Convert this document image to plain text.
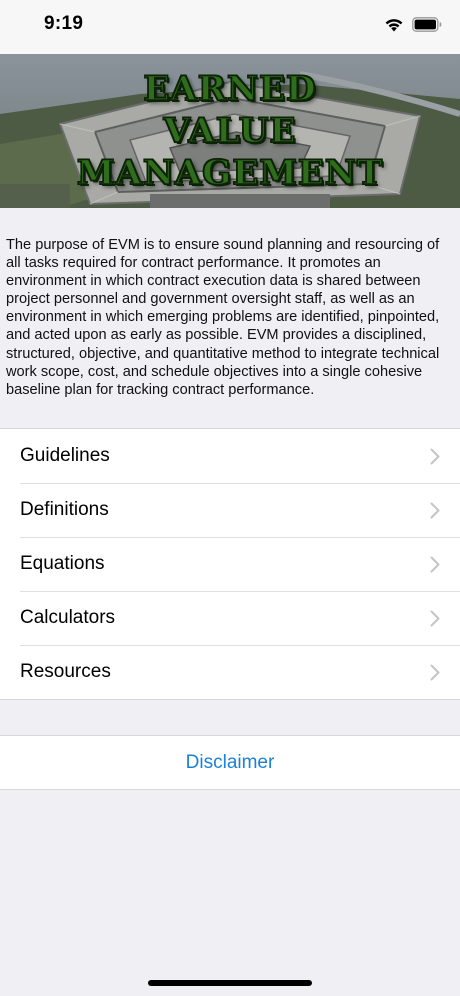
9:19
EARNED
VALUE
MANAGEMENT
The purpose of EVM is to ensure sound planning and resourcing of all tasks required for contract performance. It promotes an environment in which contract execution data is shared between project personnel and government oversight staff, as well as an environment in which emerging problems are identified, pinpointed, and acted upon as early as possible. EVM provides a disciplined, structured, objective, and quantitative method to integrate technical work scope, cost, and schedule objectives into a single cohesive baseline plan for tracking contract performance.
Guidelines
Definitions
Equations
Calculators
Resources
Disclaimer
